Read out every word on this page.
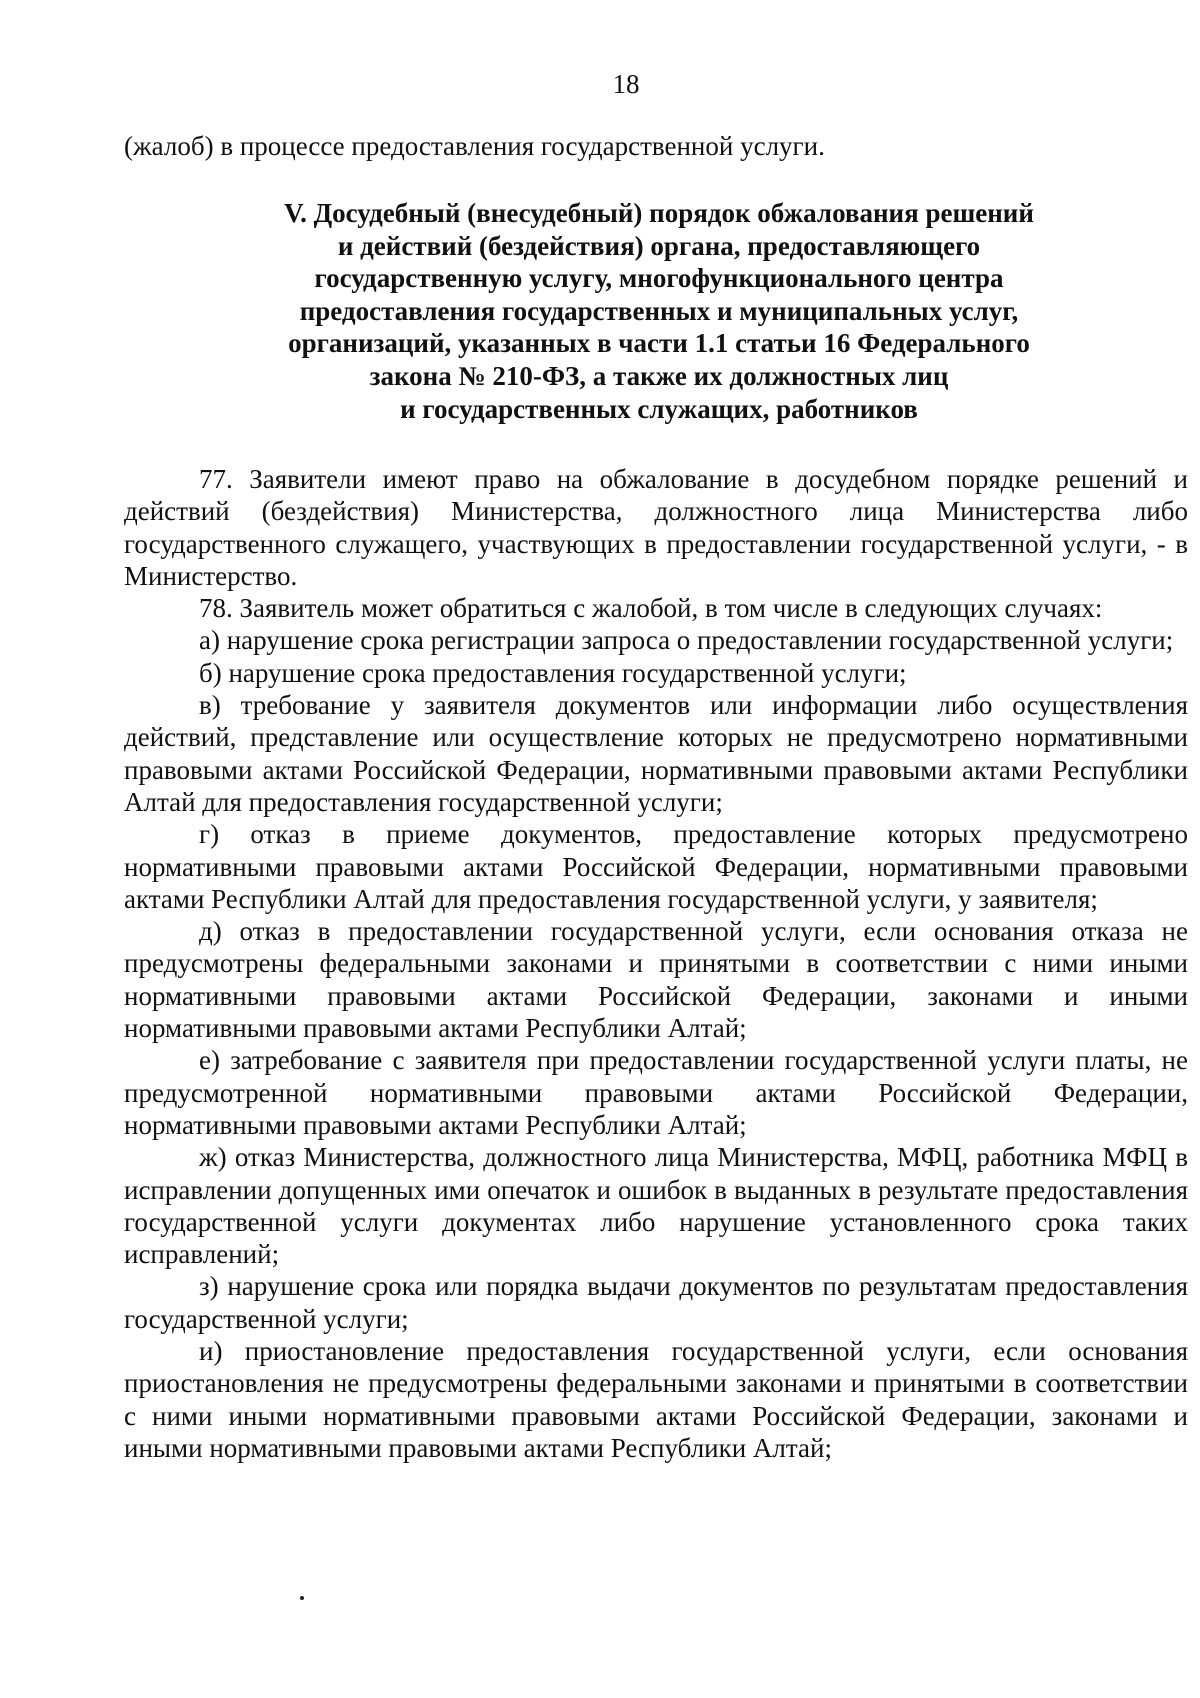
18
(жалоб) в процессе предоставления государственной услуги.
V. Досудебный (внесудебный) порядок обжалования решений
и действий (бездействия) органа, предоставляющего
государственную услугу, многофункционального центра
предоставления государственных и муниципальных услуг,
организаций, указанных в части 1.1 статьи 16 Федерального
закона № 210-ФЗ, а также их должностных лиц
и государственных служащих, работников

77. Заявители имеют право на обжалование в досудебном порядке решений и действий (бездействия) Министерства, должностного лица Министерства либо государственного служащего, участвующих в предоставлении государственной услуги, - в Министерство.

78. Заявитель может обратиться с жалобой, в том числе в следующих случаях:

а) нарушение срока регистрации запроса о предоставлении государственной услуги;

б) нарушение срока предоставления государственной услуги;

в) требование у заявителя документов или информации либо осуществления действий, представление или осуществление которых не предусмотрено нормативными правовыми актами Российской Федерации, нормативными правовыми актами Республики Алтай для предоставления государственной услуги;

г) отказ в приеме документов, предоставление которых предусмотрено нормативными правовыми актами Российской Федерации, нормативными правовыми актами Республики Алтай для предоставления государственной услуги, у заявителя;

д) отказ в предоставлении государственной услуги, если основания отказа не предусмотрены федеральными законами и принятыми в соответствии с ними иными нормативными правовыми актами Российской Федерации, законами и иными нормативными правовыми актами Республики Алтай;

е) затребование с заявителя при предоставлении государственной услуги платы, не предусмотренной нормативными правовыми актами Российской Федерации, нормативными правовыми актами Республики Алтай;

ж) отказ Министерства, должностного лица Министерства, МФЦ, работника МФЦ в исправлении допущенных ими опечаток и ошибок в выданных в результате предоставления государственной услуги документах либо нарушение установленного срока таких исправлений;

з) нарушение срока или порядка выдачи документов по результатам предоставления государственной услуги;

и) приостановление предоставления государственной услуги, если основания приостановления не предусмотрены федеральными законами и принятыми в соответствии с ними иными нормативными правовыми актами Российской Федерации, законами и иными нормативными правовыми актами Республики Алтай;
